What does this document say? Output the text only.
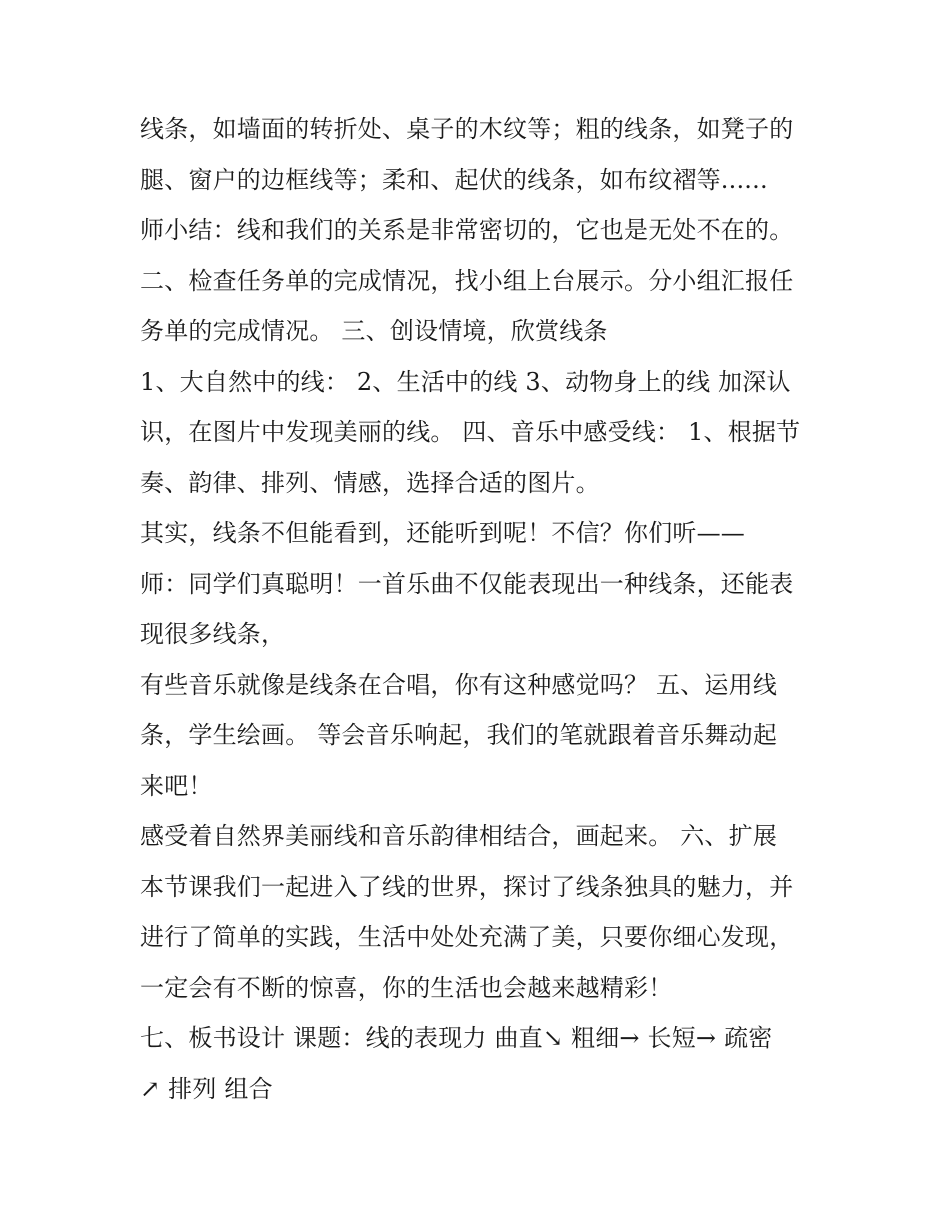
线条，如墙面的转折处、桌子的木纹等；粗的线条，如凳子的
腿、窗户的边框线等；柔和、起伏的线条，如布纹褶等......
师小结：线和我们的关系是非常密切的，它也是无处不在的。
二、检查任务单的完成情况，找小组上台展示。分小组汇报任
务单的完成情况。 三、创设情境，欣赏线条
1、大自然中的线： 2、生活中的线 3、动物身上的线 加深认
识，在图片中发现美丽的线。 四、音乐中感受线： 1、根据节
奏、韵律、排列、情感，选择合适的图片。
其实，线条不但能看到，还能听到呢！不信？你们听——
师：同学们真聪明！一首乐曲不仅能表现出一种线条，还能表
现很多线条，
有些音乐就像是线条在合唱，你有这种感觉吗？ 五、运用线
条，学生绘画。 等会音乐响起，我们的笔就跟着音乐舞动起
来吧！
感受着自然界美丽线和音乐韵律相结合，画起来。 六、扩展
本节课我们一起进入了线的世界，探讨了线条独具的魅力，并
进行了简单的实践，生活中处处充满了美，只要你细心发现，
一定会有不断的惊喜，你的生活也会越来越精彩！
七、板书设计 课题：线的表现力 曲直↘ 粗细→ 长短→ 疏密
↗ 排列 组合
